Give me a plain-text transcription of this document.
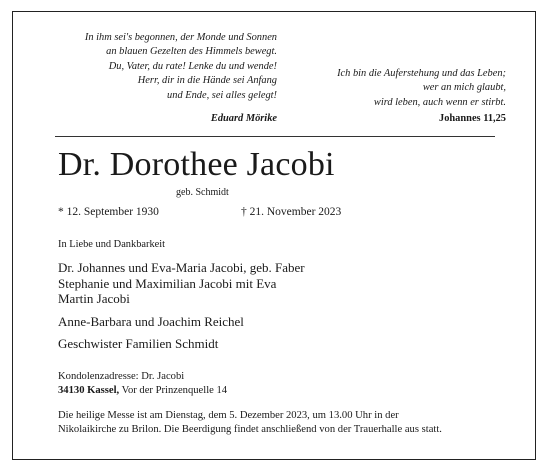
In ihm sei's begonnen, der Monde und Sonnen
an blauen Gezelten des Himmels bewegt.
Du, Vater, du rate! Lenke du und wende!
Herr, dir in die Hände sei Anfang
und Ende, sei alles gelegt!
Ich bin die Auferstehung und das Leben;
wer an mich glaubt,
wird leben, auch wenn er stirbt.
Eduard Mörike	Johannes 11,25
Dr. Dorothee Jacobi
geb. Schmidt
* 12. September 1930	† 21. November 2023
In Liebe und Dankbarkeit
Dr. Johannes und Eva-Maria Jacobi, geb. Faber
Stephanie und Maximilian Jacobi mit Eva
Martin Jacobi
Anne-Barbara und Joachim Reichel
Geschwister Familien Schmidt
Kondolenzadresse: Dr. Jacobi
34130 Kassel, Vor der Prinzenquelle 14
Die heilige Messe ist am Dienstag, dem 5. Dezember 2023, um 13.00 Uhr in der
Nikolaikirche zu Brilon. Die Beerdigung findet anschließend von der Trauerhalle aus statt.
